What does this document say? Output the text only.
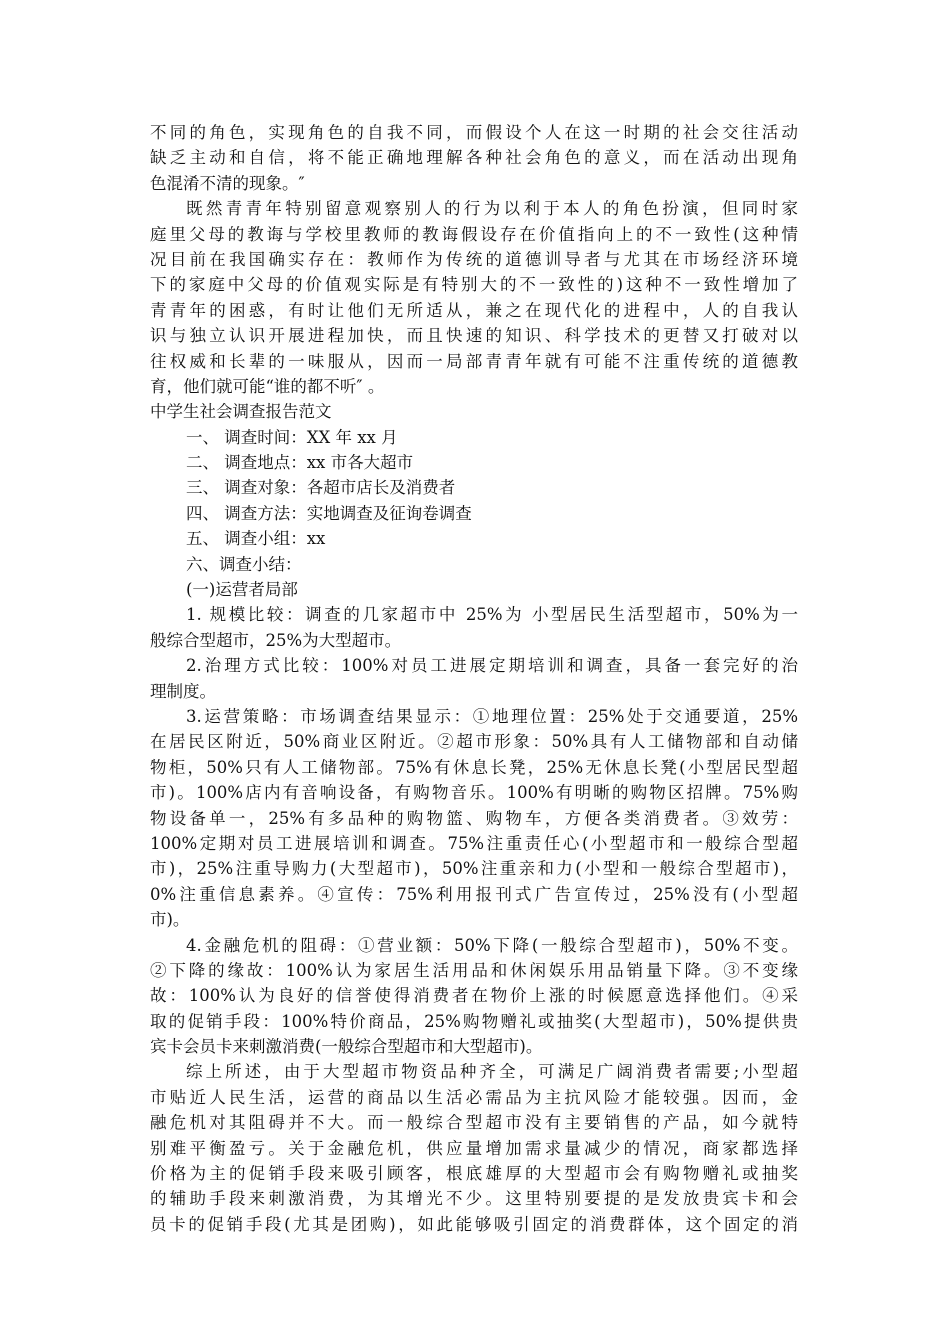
不同的角色，实现角色的自我不同，而假设个人在这一时期的社会交往活动
缺乏主动和自信，将不能正确地理解各种社会角色的意义，而在活动出现角
色混淆不清的现象。″
既然青青年特别留意观察别人的行为以利于本人的角色扮演，但同时家
庭里父母的教诲与学校里教师的教诲假设存在价值指向上的不一致性(这种情
况目前在我国确实存在：教师作为传统的道德训导者与尤其在市场经济环境
下的家庭中父母的价值观实际是有特别大的不一致性的)这种不一致性增加了
青青年的困惑，有时让他们无所适从，兼之在现代化的进程中，人的自我认
识与独立认识开展进程加快，而且快速的知识、科学技术的更替又打破对以
往权威和长辈的一味服从，因而一局部青青年就有可能不注重传统的道德教
育，他们就可能“谁的都不听″ 。
中学生社会调查报告范文
一、 调查时间：XX 年 xx 月
二、 调查地点：xx 市各大超市
三、 调查对象：各超市店长及消费者
四、 调查方法：实地调查及征询卷调查
五、 调查小组：xx
六、调查小结：
(一)运营者局部
1. 规模比较：调查的几家超市中 25%为 小型居民生活型超市，50%为一
般综合型超市，25%为大型超市。
2.治理方式比较：100%对员工进展定期培训和调查，具备一套完好的治
理制度。
3.运营策略：市场调查结果显示：①地理位置：25%处于交通要道，25%
在居民区附近，50%商业区附近。②超市形象：50%具有人工储物部和自动储
物柜，50%只有人工储物部。75%有休息长凳，25%无休息长凳(小型居民型超
市)。100%店内有音响设备，有购物音乐。100%有明晰的购物区招牌。75%购
物设备单一，25%有多品种的购物篮、购物车，方便各类消费者。③效劳：
100%定期对员工进展培训和调查。75%注重责任心(小型超市和一般综合型超
市)，25%注重导购力(大型超市)，50%注重亲和力(小型和一般综合型超市)，
0%注重信息素养。④宣传：75%利用报刊式广告宣传过，25%没有(小型超
市)。
4.金融危机的阻碍：①营业额：50%下降(一般综合型超市)，50%不变。
②下降的缘故：100%认为家居生活用品和休闲娱乐用品销量下降。③不变缘
故：100%认为良好的信誉使得消费者在物价上涨的时候愿意选择他们。④采
取的促销手段：100%特价商品，25%购物赠礼或抽奖(大型超市)，50%提供贵
宾卡会员卡来刺激消费(一般综合型超市和大型超市)。
综上所述，由于大型超市物资品种齐全，可满足广阔消费者需要;小型超
市贴近人民生活，运营的商品以生活必需品为主抗风险才能较强。因而，金
融危机对其阻碍并不大。而一般综合型超市没有主要销售的产品，如今就特
别难平衡盈亏。关于金融危机，供应量增加需求量减少的情况，商家都选择
价格为主的促销手段来吸引顾客，根底雄厚的大型超市会有购物赠礼或抽奖
的辅助手段来刺激消费，为其增光不少。这里特别要提的是发放贵宾卡和会
员卡的促销手段(尤其是团购)，如此能够吸引固定的消费群体，这个固定的消
